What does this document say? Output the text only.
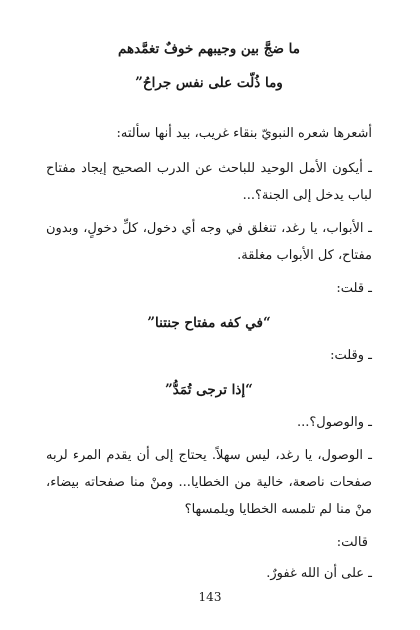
ما ضجَّ بين وجيبهم خوفٌ تغمَّدهم
وما ذُلّت على نفس جراحُ”

أشعرها شعره النبويّ بنقاء غريب، بيد أنها سألته:

ـ أيكون الأمل الوحيد للباحث عن الدرب الصحيح إيجاد مفتاح لباب يدخل إلى الجنة؟...

ـ الأبواب، يا رغد، تنغلق في وجه أي دخول، كلِّ دخولٍ، وبدون مفتاح، كل الأبواب مغلقة.

ـ قلت:

“في كفه مفتاح جنتنا”

ـ وقلت:

“إذا ترجى تُمَدُّ”

ـ والوصول؟...

ـ الوصول، يا رغد، ليس سهلاً. يحتاج إلى أن يقدم المرء لربه صفحات ناصعة، خالية من الخطايا... ومنْ منا صفحاته بيضاء، منْ منا لم تلمسه الخطايا ويلمسها؟

قالت:

ـ على أن الله غفورٌ.

143
